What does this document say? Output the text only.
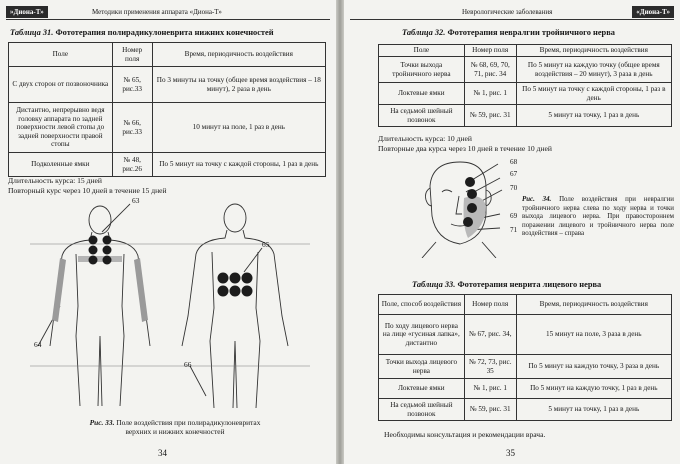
»Диона-Т»	Методики применения аппарата «Диона-Т»
Таблица 31. Фототерапия полирадикулоневрита нижних конечностей
Поле	Номер поля	Время, периодичность воздействия
С двух сторон от позвоночника	№ 65, рис.33	По 3 минуты на точку (общее время воздействия – 18 минут), 2 раза в день
Дистантно, непрерывно ведя головку аппарата по задней поверхности левой стопы до задней поверхности правой стопы	№ 66, рис.33	10 минут на поле, 1 раз в день
Подколенные ямки	№ 48, рис.26	По 5 минут на точку с каждой стороны, 1 раз в день
Длительность курса: 15 дней
Повторный курс через 10 дней в течение 15 дней
63
65
64
66
Рис. 33. Поле воздействия при полирадикулоневритах
верхних и нижних конечностей
34
Неврологические заболевания	«Диона-Т»
Таблица 32. Фототерапия невралгии тройничного нерва
Поле	Номер поля	Время, периодичность воздействия
Точки выхода тройничного нерва	№ 68, 69, 70, 71, рис. 34	По 5 минут на каждую точку (общее время воздействия – 20 минут), 3 раза в день
Локтевые ямки	№ 1, рис. 1	По 5 минут на точку с каждой стороны, 1 раз в день
На седьмой шейный позвонок	№ 59, рис. 31	5 минут на точку, 1 раз в день
Длительность курса: 10 дней
Повторные два курса через 10 дней в течение 10 дней
68
67
70
69
71
Рис. 34. Поле воздействия при невралгии тройничного нерва слева по ходу нерва и точки выхода лицевого нерва. При правостороннем поражении лицевого и тройничного нерва поле воздействия – справа
Таблица 33. Фототерапия неврита лицевого нерва
Поле, способ воздействия	Номер поля	Время, периодичность воздействия
По ходу лицевого нерва на лице «гусиная лапка», дистантно	№ 67, рис. 34,	15 минут на поле, 3 раза в день
Точки выхода лицевого нерва	№ 72, 73, рис. 35	По 5 минут на каждую точку, 3 раза в день
Локтевые ямки	№ 1, рис. 1	По 5 минут на каждую точку, 1 раз в день
На седьмой шейный позвонок	№ 59, рис. 31	5 минут на точку, 1 раз в день
Необходимы консультация и рекомендации врача.
35
